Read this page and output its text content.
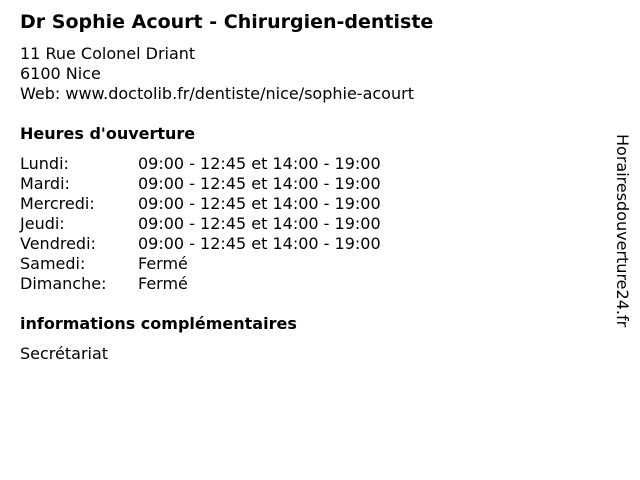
Dr Sophie Acourt - Chirurgien-dentiste
11 Rue Colonel Driant
6100 Nice
Web: www.doctolib.fr/dentiste/nice/sophie-acourt
Heures d'ouverture
Lundi:	09:00 - 12:45 et 14:00 - 19:00
Mardi:	09:00 - 12:45 et 14:00 - 19:00
Mercredi:	09:00 - 12:45 et 14:00 - 19:00
Jeudi:	09:00 - 12:45 et 14:00 - 19:00
Vendredi:	09:00 - 12:45 et 14:00 - 19:00
Samedi:	Fermé
Dimanche:	Fermé
informations complémentaires
Secrétariat
Horairesdouverture24.fr
